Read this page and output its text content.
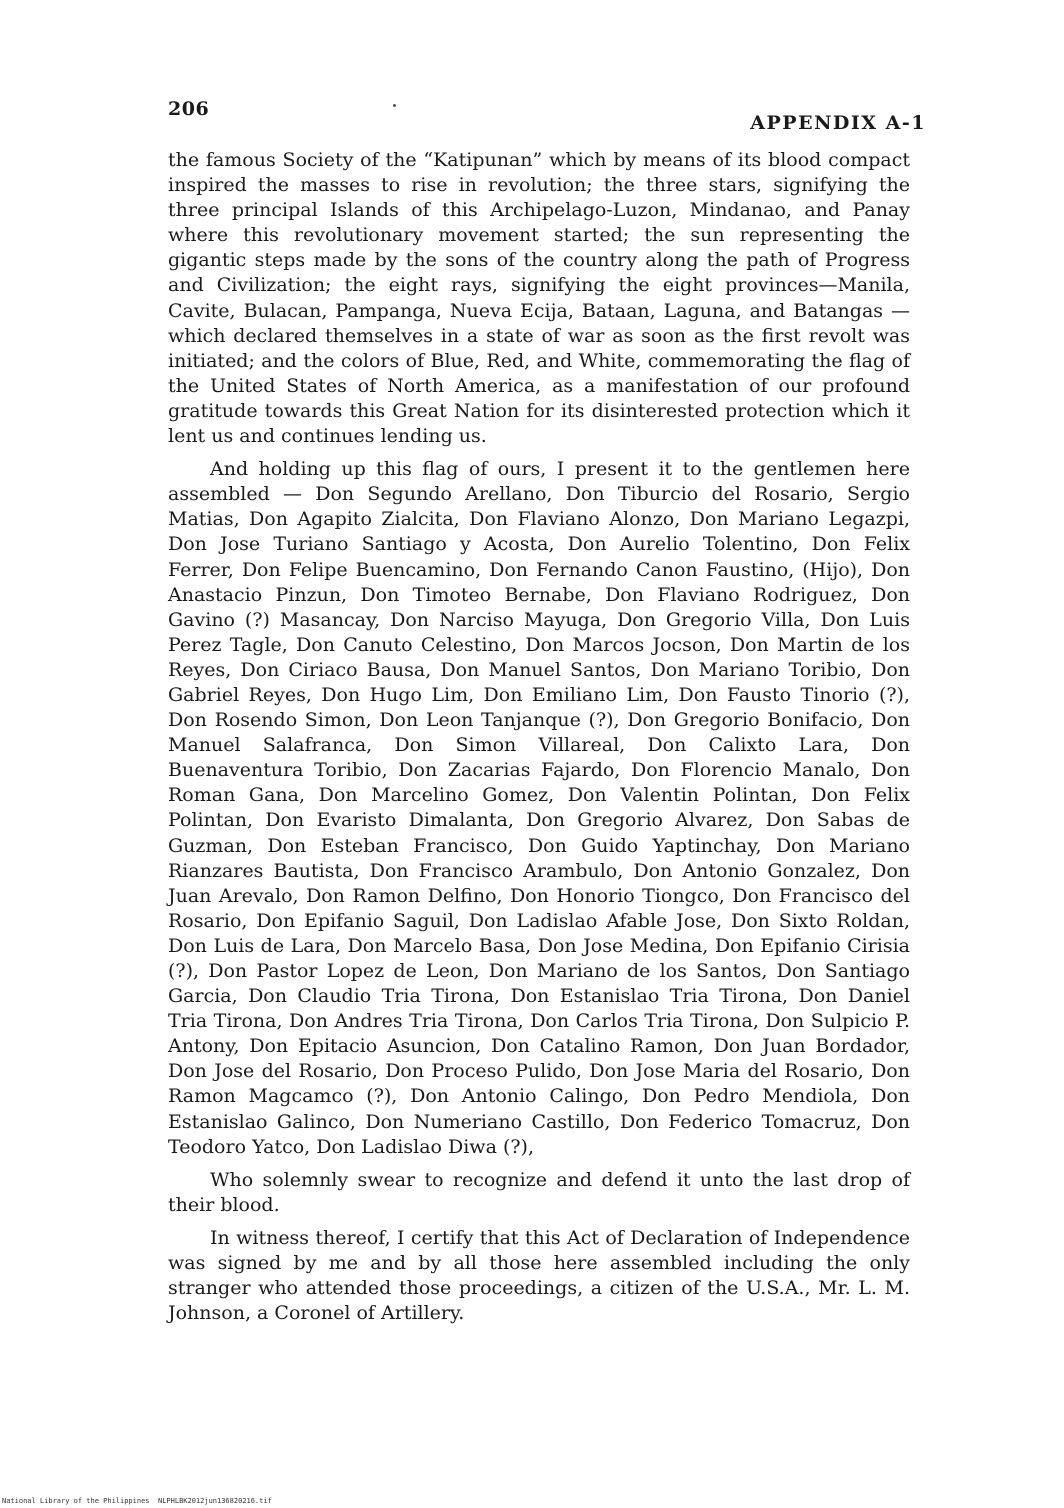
206
APPENDIX A-1

the famous Society of the “Katipunan” which by means of its blood compact inspired the masses to rise in revolution; the three stars, signifying the three principal Islands of this Archipelago-Luzon, Mindanao, and Panay where this revolutionary movement started; the sun representing the gigantic steps made by the sons of the country along the path of Progress and Civilization; the eight rays, signifying the eight provinces—Manila, Cavite, Bulacan, Pampanga, Nueva Ecija, Bataan, Laguna, and Batangas — which declared themselves in a state of war as soon as the first revolt was initiated; and the colors of Blue, Red, and White, commemorating the flag of the United States of North America, as a manifestation of our profound gratitude towards this Great Nation for its disinterested protection which it lent us and continues lending us.

And holding up this flag of ours, I present it to the gentlemen here assembled — Don Segundo Arellano, Don Tiburcio del Rosario, Sergio Matias, Don Agapito Zialcita, Don Flaviano Alonzo, Don Mariano Legazpi, Don Jose Turiano Santiago y Acosta, Don Aurelio Tolentino, Don Felix Ferrer, Don Felipe Buencamino, Don Fernando Canon Faustino, (Hijo), Don Anastacio Pinzun, Don Timoteo Bernabe, Don Flaviano Rodriguez, Don Gavino (?) Masancay, Don Narciso Mayuga, Don Gregorio Villa, Don Luis Perez Tagle, Don Canuto Celestino, Don Marcos Jocson, Don Martin de los Reyes, Don Ciriaco Bausa, Don Manuel Santos, Don Mariano Toribio, Don Gabriel Reyes, Don Hugo Lim, Don Emiliano Lim, Don Fausto Tinorio (?), Don Rosendo Simon, Don Leon Tanjanque (?), Don Gregorio Bonifacio, Don Manuel Salafranca, Don Simon Villareal, Don Calixto Lara, Don Buenaventura Toribio, Don Zacarias Fajardo, Don Florencio Manalo, Don Roman Gana, Don Marcelino Gomez, Don Valentin Polintan, Don Felix Polintan, Don Evaristo Dimalanta, Don Gregorio Alvarez, Don Sabas de Guzman, Don Esteban Francisco, Don Guido Yaptinchay, Don Mariano Rianzares Bautista, Don Francisco Arambulo, Don Antonio Gonzalez, Don Juan Arevalo, Don Ramon Delfino, Don Honorio Tiongco, Don Francisco del Rosario, Don Epifanio Saguil, Don Ladislao Afable Jose, Don Sixto Roldan, Don Luis de Lara, Don Marcelo Basa, Don Jose Medina, Don Epifanio Cirisia (?), Don Pastor Lopez de Leon, Don Mariano de los Santos, Don Santiago Garcia, Don Claudio Tria Tirona, Don Estanislao Tria Tirona, Don Daniel Tria Tirona, Don Andres Tria Tirona, Don Carlos Tria Tirona, Don Sulpicio P. Antony, Don Epitacio Asuncion, Don Catalino Ramon, Don Juan Bordador, Don Jose del Rosario, Don Proceso Pulido, Don Jose Maria del Rosario, Don Ramon Magcamco (?), Don Antonio Calingo, Don Pedro Mendiola, Don Estanislao Galinco, Don Numeriano Castillo, Don Federico Tomacruz, Don Teodoro Yatco, Don Ladislao Diwa (?),

Who solemnly swear to recognize and defend it unto the last drop of their blood.

In witness thereof, I certify that this Act of Declaration of Independence was signed by me and by all those here assembled including the only stranger who attended those proceedings, a citizen of the U.S.A., Mr. L. M. Johnson, a Coronel of Artillery.

National Library of the Philippines NLPHLBK2012jun136820216.tif
